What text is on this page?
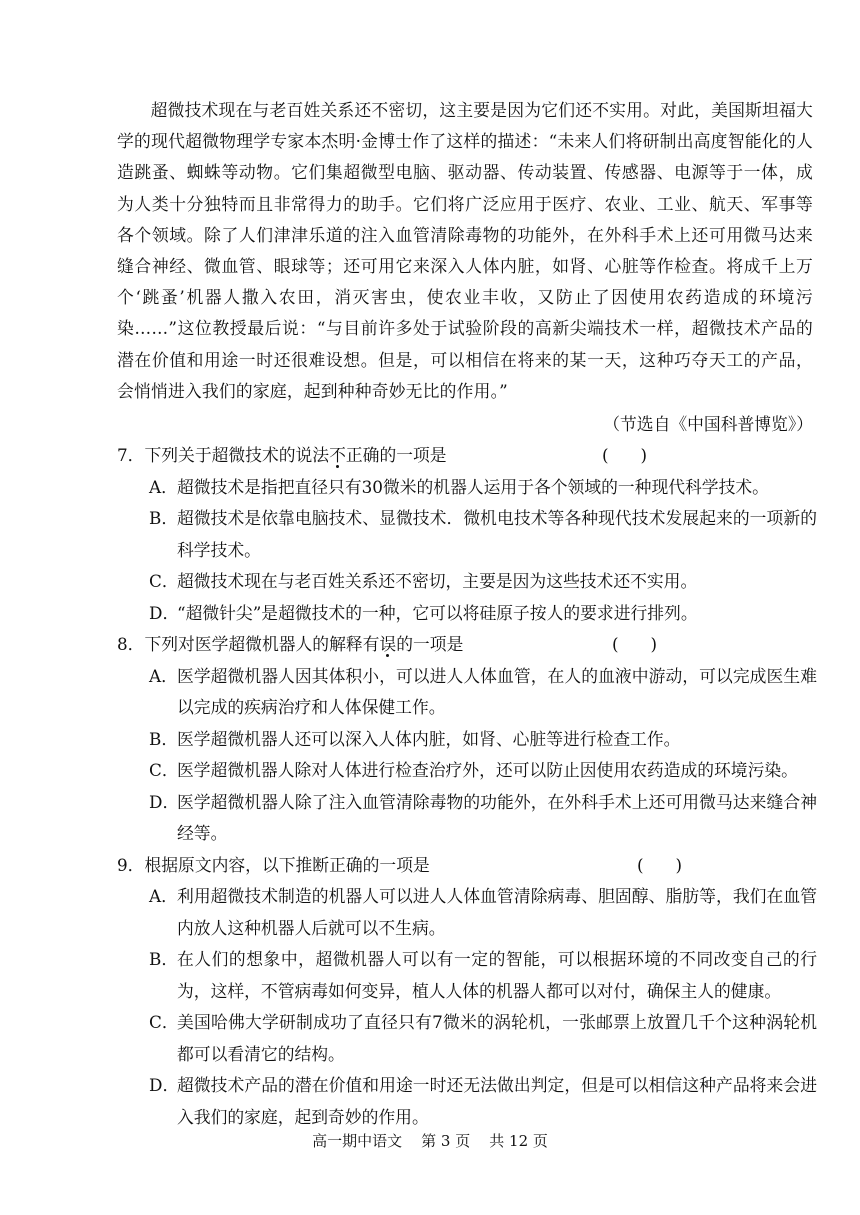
超微技术现在与老百姓关系还不密切，这主要是因为它们还不实用。对此，美国斯坦福大学的现代超微物理学专家本杰明·金博士作了这样的描述：“未来人们将研制出高度智能化的人造跳蚤、蜘蛛等动物。它们集超微型电脑、驱动器、传动装置、传感器、电源等于一体，成为人类十分独特而且非常得力的助手。它们将广泛应用于医疗、农业、工业、航天、军事等各个领域。除了人们津津乐道的注入血管清除毒物的功能外，在外科手术上还可用微马达来缝合神经、微血管、眼球等；还可用它来深入人体内脏，如肾、心脏等作检查。将成千上万个‘跳蚤’机器人撒入农田，消灭害虫，使农业丰收，又防止了因使用农药造成的环境污染……”这位教授最后说：“与目前许多处于试验阶段的高新尖端技术一样，超微技术产品的潜在价值和用途一时还很难设想。但是，可以相信在将来的某一天，这种巧夺天工的产品，会悄悄进入我们的家庭，起到种种奇妙无比的作用。”

（节选自《中国科普博览》）
7．下列关于超微技术的说法不正确的一项是	(      )
A． 超微技术是指把直径只有30微米的机器人运用于各个领域的一种现代科学技术。
B．
超微技术是依靠电脑技术、显微技术．微机电技术等各种现代技术发展起来的一项新的科学技术。
C．
超微技术现在与老百姓关系还不密切，主要是因为这些技术还不实用。
D．
“超微针尖”是超微技术的一种，它可以将硅原子按人的要求进行排列。
8．下列对医学超微机器人的解释有误的一项是	(      )
A． 医学超微机器人因其体积小，可以进人人体血管，在人的血液中游动，可以完成医生难以完成的疾病治疗和人体保健工作。
B．
医学超微机器人还可以深入人体内脏，如肾、心脏等进行检查工作。
C．
医学超微机器人除对人体进行检查治疗外，还可以防止因使用农药造成的环境污染。
D．
医学超微机器人除了注入血管清除毒物的功能外，在外科手术上还可用微马达来缝合神经等。
9．根据原文内容，以下推断正确的一项是	(      )
A． 利用超微技术制造的机器人可以进人人体血管清除病毒、胆固醇、脂肪等，我们在血管内放人这种机器人后就可以不生病。
B．
在人们的想象中，超微机器人可以有一定的智能，可以根据环境的不同改变自己的行为，这样，不管病毒如何变异，植人人体的机器人都可以对付，确保主人的健康。
C．
美国哈佛大学研制成功了直径只有7微米的涡轮机，一张邮票上放置几千个这种涡轮机都可以看清它的结构。
D．
超微技术产品的潜在价值和用途一时还无法做出判定，但是可以相信这种产品将来会进入我们的家庭，起到奇妙的作用。
高一期中语文    第 3 页    共 12 页
